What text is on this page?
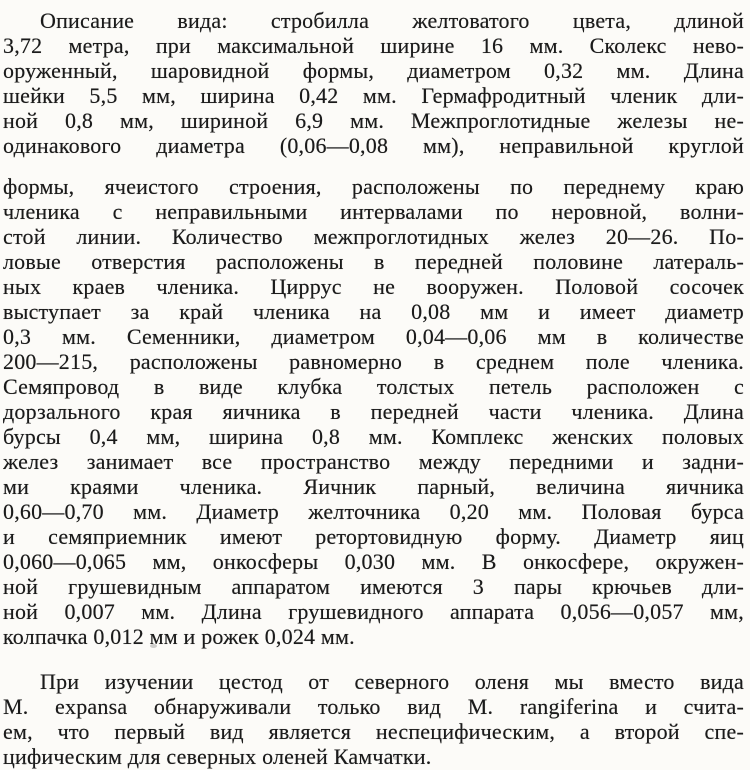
Описание вида: стробилла желтоватого цвета, длиной
3,72 метра, при максимальной ширине 16 мм. Сколекс нево-
оруженный, шаровидной формы, диаметром 0,32 мм. Длина
шейки 5,5 мм, ширина 0,42 мм. Гермафродитный членик дли-
ной 0,8 мм, шириной 6,9 мм. Межпроглотидные железы не-
одинакового диаметра (0,06—0,08 мм), неправильной круглой
формы, ячеистого строения, расположены по переднему краю
членика с неправильными интервалами по неровной, волни-
стой линии. Количество межпроглотидных желез 20—26. По-
ловые отверстия расположены в передней половине латераль-
ных краев членика. Циррус не вооружен. Половой сосочек
выступает за край членика на 0,08 мм и имеет диаметр
0,3 мм. Семенники, диаметром 0,04—0,06 мм в количестве
200—215, расположены равномерно в среднем поле членика.
Семяпровод в виде клубка толстых петель расположен с
дорзального края яичника в передней части членика. Длина
бурсы 0,4 мм, ширина 0,8 мм. Комплекс женских половых
желез занимает все пространство между передними и задни-
ми краями членика. Яичник парный, величина яичника
0,60—0,70 мм. Диаметр желточника 0,20 мм. Половая бурса
и семяприемник имеют ретортовидную форму. Диаметр яиц
0,060—0,065 мм, онкосферы 0,030 мм. В онкосфере, окружен-
ной грушевидным аппаратом имеются 3 пары крючьев дли-
ной 0,007 мм. Длина грушевидного аппарата 0,056—0,057 мм,
колпачка 0,012 мм и рожек 0,024 мм.
При изучении цестод от северного оленя мы вместо вида
М. expansa обнаруживали только вид М. rangiferina и счита-
ем, что первый вид является неспецифическим, а второй спе-
цифическим для северных оленей Камчатки.
